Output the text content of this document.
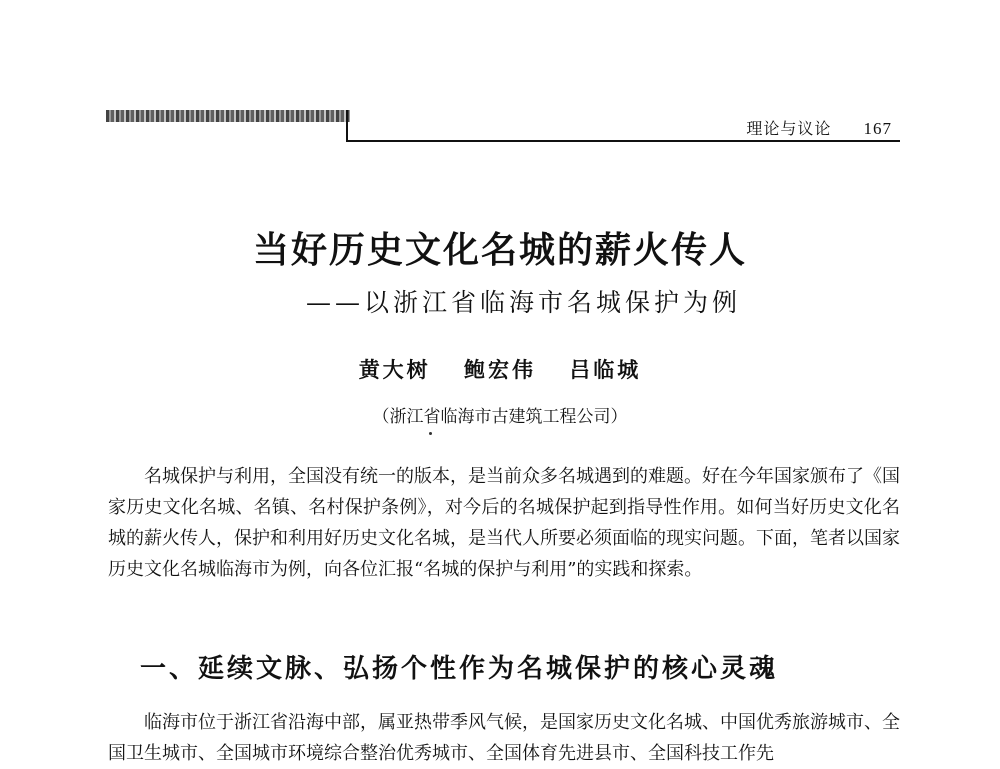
理论与议论 167
当好历史文化名城的薪火传人
——以浙江省临海市名城保护为例
黄大树 鲍宏伟 吕临城
（浙江省临海市古建筑工程公司）
名城保护与利用，全国没有统一的版本，是当前众多名城遇到的难题。好在今年国家颁布了《国家历史文化名城、名镇、名村保护条例》，对今后的名城保护起到指导性作用。如何当好历史文化名城的薪火传人，保护和利用好历史文化名城，是当代人所要必须面临的现实问题。下面，笔者以国家历史文化名城临海市为例，向各位汇报“名城的保护与利用”的实践和探索。
一、延续文脉、弘扬个性作为名城保护的核心灵魂
临海市位于浙江省沿海中部，属亚热带季风气候，是国家历史文化名城、中国优秀旅游城市、全国卫生城市、全国城市环境综合整治优秀城市、全国体育先进县市、全国科技工作先
